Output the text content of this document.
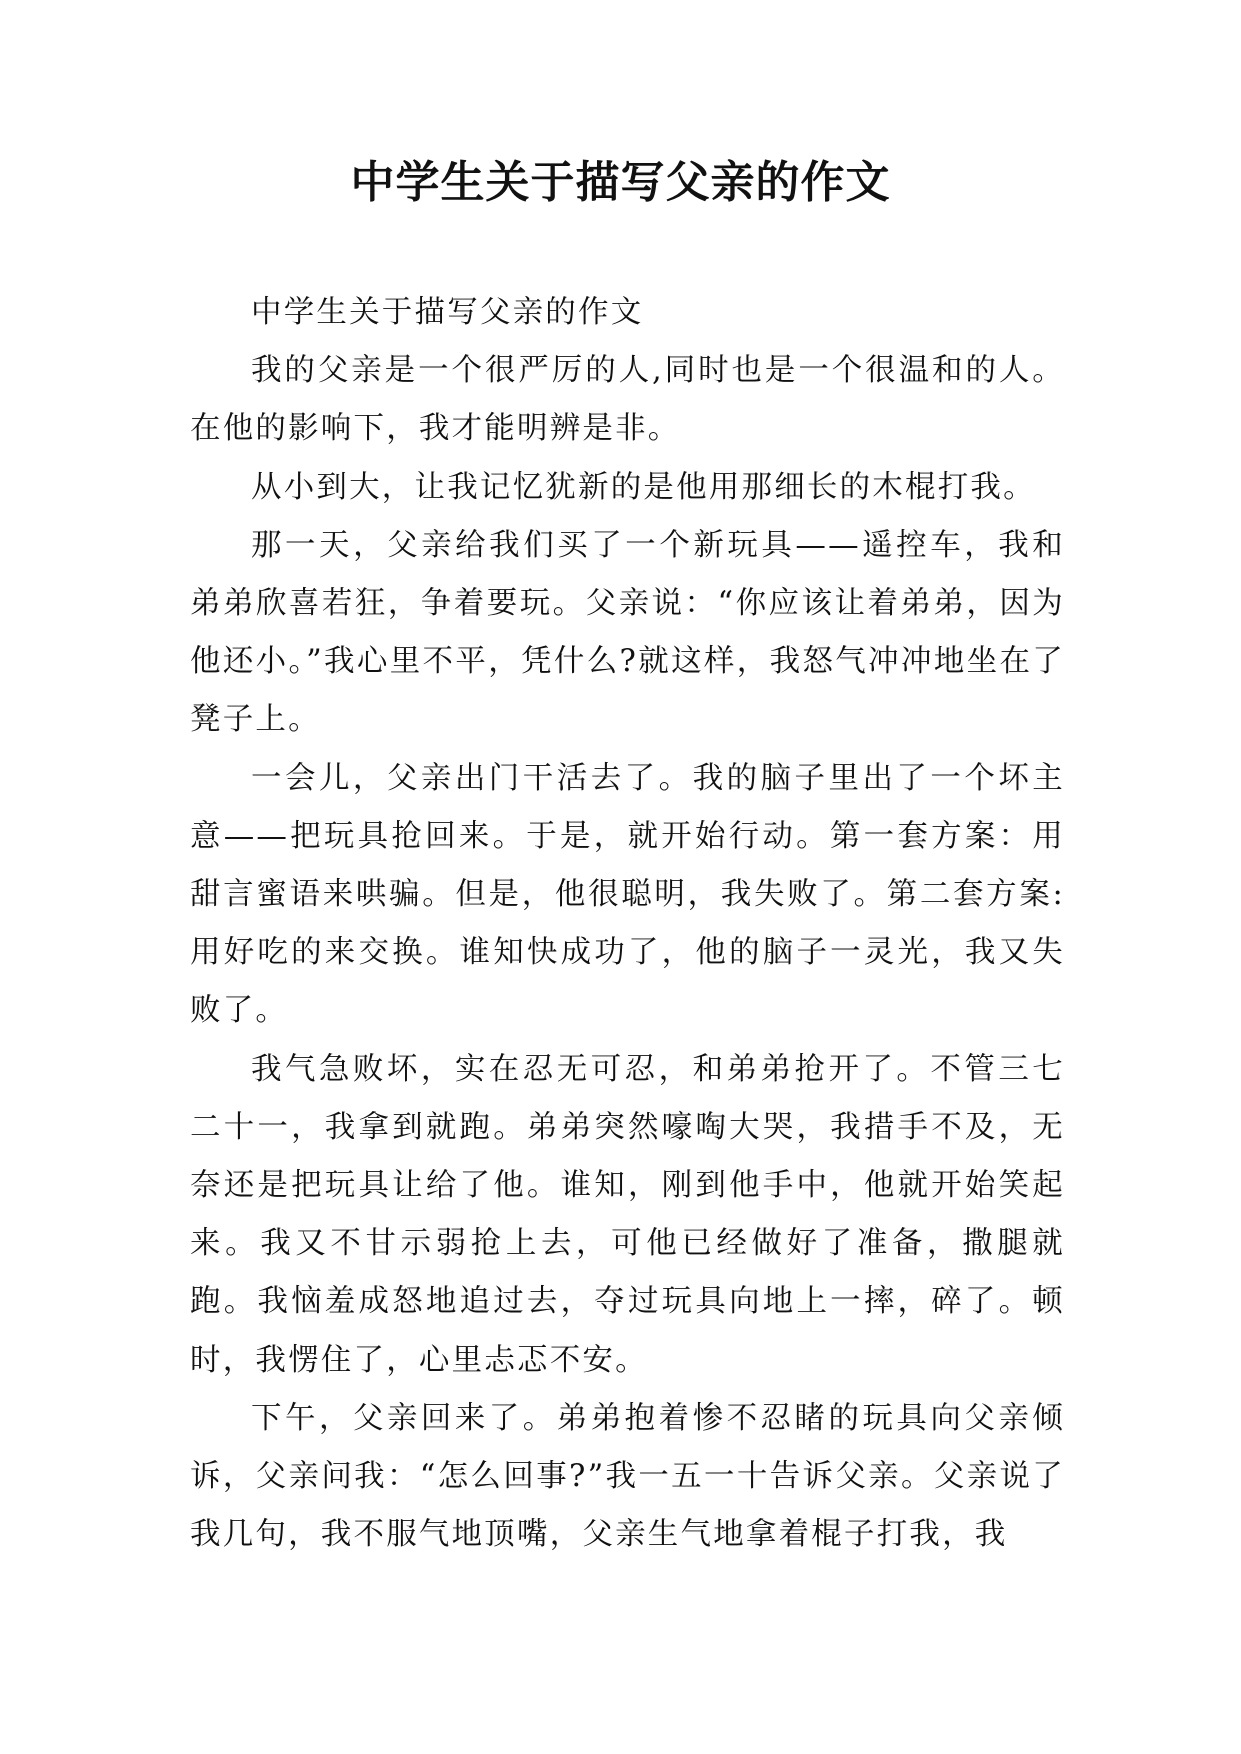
中学生关于描写父亲的作文

中学生关于描写父亲的作文

我的父亲是一个很严厉的人,同时也是一个很温和的人。在他的影响下，我才能明辨是非。

从小到大，让我记忆犹新的是他用那细长的木棍打我。

那一天，父亲给我们买了一个新玩具——遥控车，我和弟弟欣喜若狂，争着要玩。父亲说：“你应该让着弟弟，因为他还小。”我心里不平，凭什么?就这样，我怒气冲冲地坐在了凳子上。

一会儿，父亲出门干活去了。我的脑子里出了一个坏主意——把玩具抢回来。于是，就开始行动。第一套方案：用甜言蜜语来哄骗。但是，他很聪明，我失败了。第二套方案:用好吃的来交换。谁知快成功了，他的脑子一灵光，我又失败了。

我气急败坏，实在忍无可忍，和弟弟抢开了。不管三七二十一，我拿到就跑。弟弟突然嚎啕大哭，我措手不及，无奈还是把玩具让给了他。谁知，刚到他手中，他就开始笑起来。我又不甘示弱抢上去，可他已经做好了准备，撒腿就跑。我恼羞成怒地追过去，夺过玩具向地上一摔，碎了。顿时，我愣住了，心里忐忑不安。

下午，父亲回来了。弟弟抱着惨不忍睹的玩具向父亲倾诉，父亲问我：“怎么回事?”我一五一十告诉父亲。父亲说了我几句，我不服气地顶嘴，父亲生气地拿着棍子打我，我
